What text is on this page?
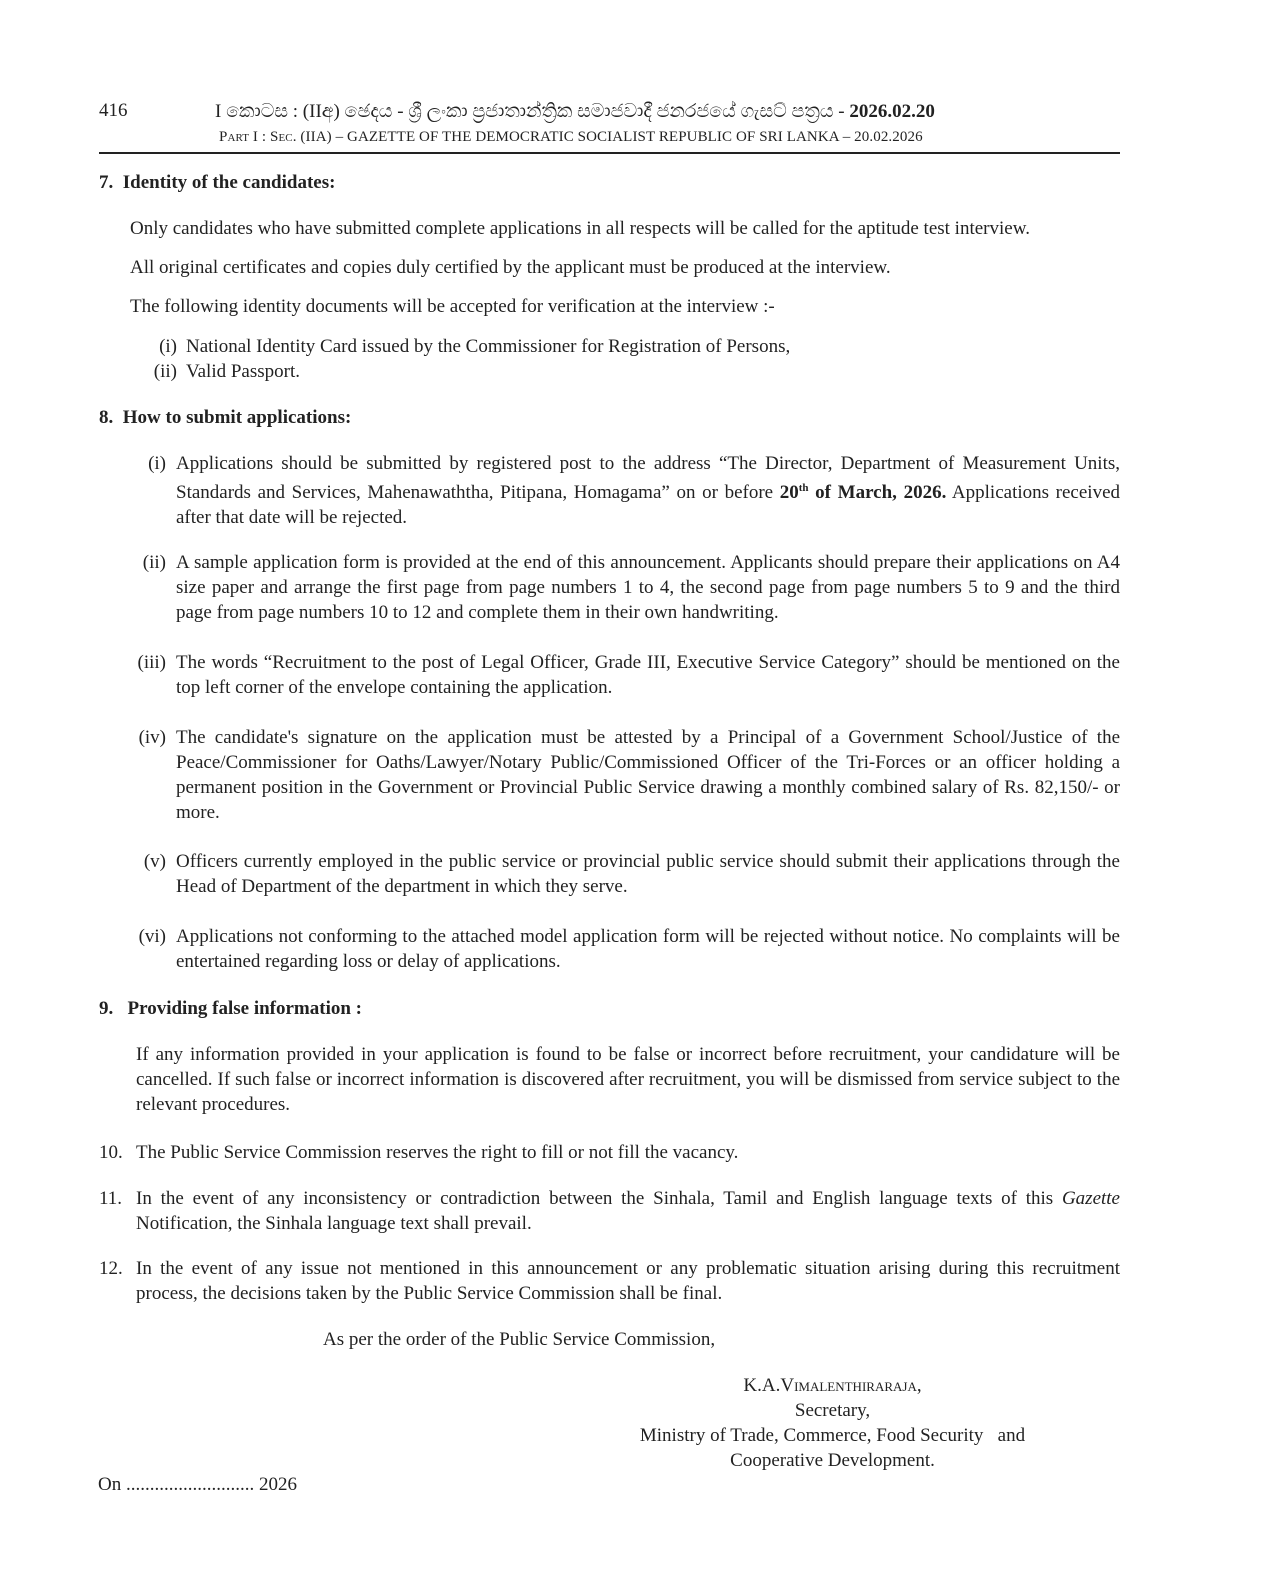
416	I කොටස : (IIඅ) ඡෙදය - ශ්‍රී ලංකා ප්‍රජාතාන්ත්‍රික සමාජවාදී ජනරජයේ ගැසට් පත්‍රය - 2026.02.20
Part I : Sec. (IIA) – GAZETTE OF THE DEMOCRATIC SOCIALIST REPUBLIC OF SRI LANKA – 20.02.2026
7. Identity of the candidates:
Only candidates who have submitted complete applications in all respects will be called for the aptitude test interview.
All original certificates and copies duly certified by the applicant must be produced at the interview.
The following identity documents will be accepted for verification at the interview :-
(i) National Identity Card issued by the Commissioner for Registration of Persons,
(ii) Valid Passport.
8. How to submit applications:
(i) Applications should be submitted by registered post to the address “The Director, Department of Measurement Units, Standards and Services, Mahenawaththa, Pitipana, Homagama” on or before 20th of March, 2026. Applications received after that date will be rejected.
(ii) A sample application form is provided at the end of this announcement. Applicants should prepare their applications on A4 size paper and arrange the first page from page numbers 1 to 4, the second page from page numbers 5 to 9 and the third page from page numbers 10 to 12 and complete them in their own handwriting.
(iii) The words “Recruitment to the post of Legal Officer, Grade III, Executive Service Category” should be mentioned on the top left corner of the envelope containing the application.
(iv) The candidate's signature on the application must be attested by a Principal of a Government School/Justice of the Peace/Commissioner for Oaths/Lawyer/Notary Public/Commissioned Officer of the Tri-Forces or an officer holding a permanent position in the Government or Provincial Public Service drawing a monthly combined salary of Rs. 82,150/- or more.
(v) Officers currently employed in the public service or provincial public service should submit their applications through the Head of Department of the department in which they serve.
(vi) Applications not conforming to the attached model application form will be rejected without notice. No complaints will be entertained regarding loss or delay of applications.
9. Providing false information :
If any information provided in your application is found to be false or incorrect before recruitment, your candidature will be cancelled. If such false or incorrect information is discovered after recruitment, you will be dismissed from service subject to the relevant procedures.
10. The Public Service Commission reserves the right to fill or not fill the vacancy.
11. In the event of any inconsistency or contradiction between the Sinhala, Tamil and English language texts of this Gazette Notification, the Sinhala language text shall prevail.
12. In the event of any issue not mentioned in this announcement or any problematic situation arising during this recruitment process, the decisions taken by the Public Service Commission shall be final.
As per the order of the Public Service Commission,
K.A.Vimalenthiraraja,
Secretary,
Ministry of Trade, Commerce, Food Security   and
Cooperative Development.
On ........................... 2026
